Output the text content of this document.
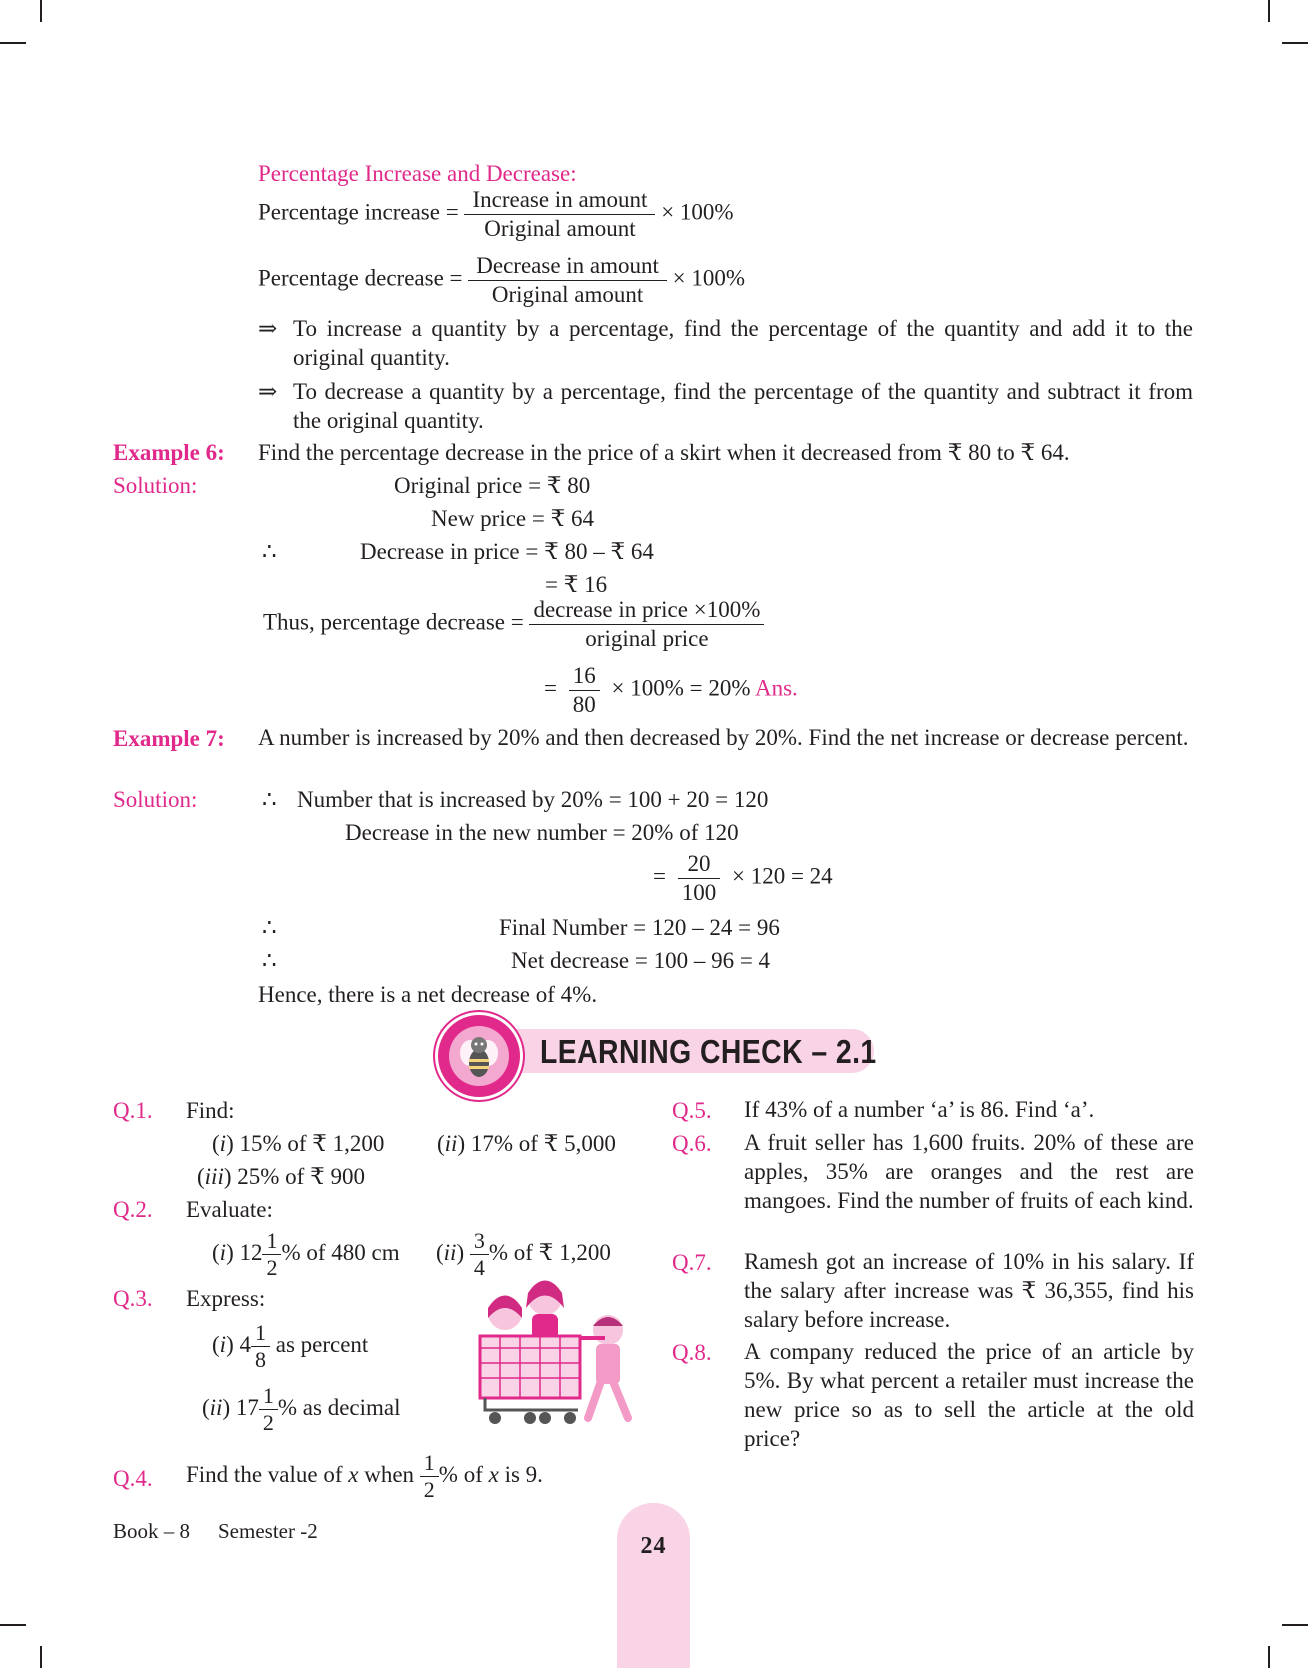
Percentage Increase and Decrease:
Percentage increase = $\frac{\text{Increase in amount}}{\text{Original amount}} \times 100\%$
Percentage decrease = $\frac{\text{Decrease in amount}}{\text{Original amount}} \times 100\%$
⇒ To increase a quantity by a percentage, find the percentage of the quantity and add it to the original quantity.
⇒ To decrease a quantity by a percentage, find the percentage of the quantity and subtract it from the original quantity.
Example 6: Find the percentage decrease in the price of a skirt when it decreased from ₹ 80 to ₹ 64.
Solution:	Original price = ₹ 80
New price = ₹ 64
∴	Decrease in price = ₹ 80 – ₹ 64
= ₹ 16
Thus, percentage decrease = $\frac{\text{decrease in price ×100\%}}{\text{original price}}$
= $\frac{16}{80} \times 100\% = 20\%$ Ans.
Example 7: A number is increased by 20% and then decreased by 20%. Find the net increase or decrease percent.
Solution:	∴ Number that is increased by 20% = 100 + 20 = 120
Decrease in the new number = 20% of 120
= $\frac{20}{100} \times 120 = 24$
∴	Final Number = 120 – 24 = 96
∴	Net decrease = 100 – 96 = 4
Hence, there is a net decrease of 4%.
LEARNING CHECK – 2.1
Q.1. Find:
(i) 15% of ₹ 1,200 (ii) 17% of ₹ 5,000
(iii) 25% of ₹ 900
Q.2. Evaluate:
(i) $12 \frac{1}{2}$ % of 480 cm $(ii) \frac{3}{4}$ % of ₹ 1,200
Q.3. Express:
(i) $4 \frac{1}{8}$ as percent
(ii) $17 \frac{1}{2}$ % as decimal
Q.4. Find the value of x when $\frac{1}{2}$ % of x is 9.
Q.5. If 43% of a number ‘a’ is 86. Find ‘a’.
Q.6. A fruit seller has 1,600 fruits. 20% of these are apples, 35% are oranges and the rest are mangoes. Find the number of fruits of each kind.
Q.7. Ramesh got an increase of 10% in his salary. If the salary after increase was ₹ 36,355, find his salary before increase.
Q.8. A company reduced the price of an article by 5%. By what percent a retailer must increase the new price so as to sell the article at the old price?
Book – 8 Semester -2
24
